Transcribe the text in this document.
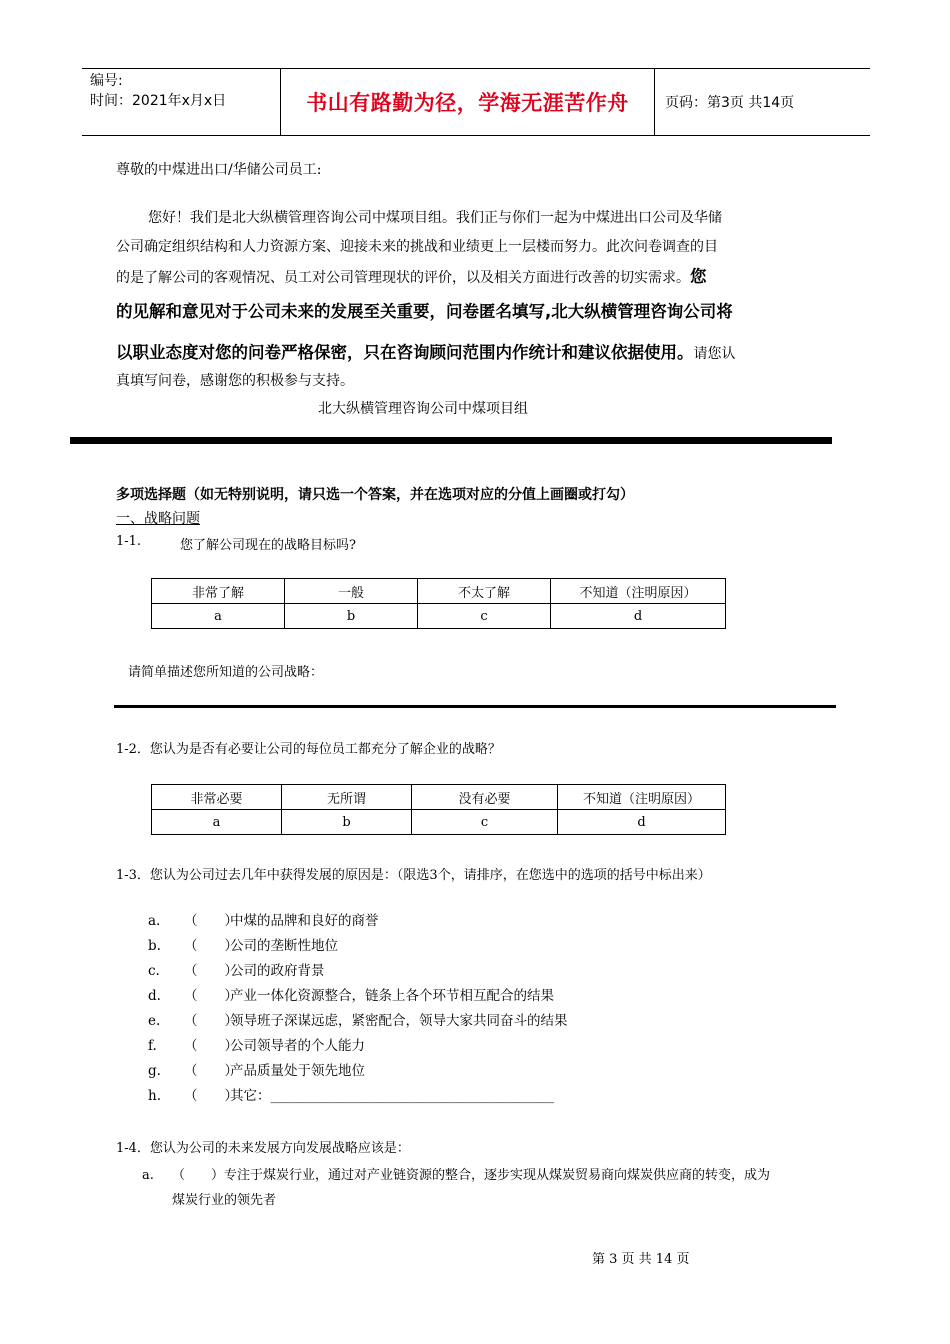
编号:
时间：2021年x月x日	书山有路勤为径，学海无涯苦作舟	页码：第3页 共14页
尊敬的中煤进出口/华储公司员工:
您好！我们是北大纵横管理咨询公司中煤项目组。我们正与你们一起为中煤进出口公司及华储
公司确定组织结构和人力资源方案、迎接未来的挑战和业绩更上一层楼而努力。此次问卷调查的目
的是了解公司的客观情况、员工对公司管理现状的评价，以及相关方面进行改善的切实需求。您
的见解和意见对于公司未来的发展至关重要，问卷匿名填写,北大纵横管理咨询公司将
以职业态度对您的问卷严格保密，只在咨询顾问范围内作统计和建议依据使用。请您认
真填写问卷，感谢您的积极参与支持。
北大纵横管理咨询公司中煤项目组
多项选择题（如无特别说明，请只选一个答案，并在选项对应的分值上画圈或打勾）
一、战略问题
1-1.	您了解公司现在的战略目标吗?
非常了解	一般	不太了解	不知道（注明原因）
a	b	c	d
请简单描述您所知道的公司战略：
1-2．您认为是否有必要让公司的每位员工都充分了解企业的战略？
非常必要	无所谓	没有必要	不知道（注明原因）
a	b	c	d
1-3．您认为公司过去几年中获得发展的原因是：（限选3个，请排序，在您选中的选项的括号中标出来）
a. （　　）中煤的品牌和良好的商誉
b. （　　）公司的垄断性地位
c. （　　）公司的政府背景
d. （　　）产业一体化资源整合，链条上各个环节相互配合的结果
e. （　　）领导班子深谋远虑，紧密配合，领导大家共同奋斗的结果
f. （　　）公司领导者的个人能力
g. （　　）产品质量处于领先地位
h. （　　）其它：__________________________________________
1-4．您认为公司的未来发展方向发展战略应该是：
a. （　　）专注于煤炭行业，通过对产业链资源的整合，逐步实现从煤炭贸易商向煤炭供应商的转变，成为
煤炭行业的领先者
第 3 页 共 14 页
